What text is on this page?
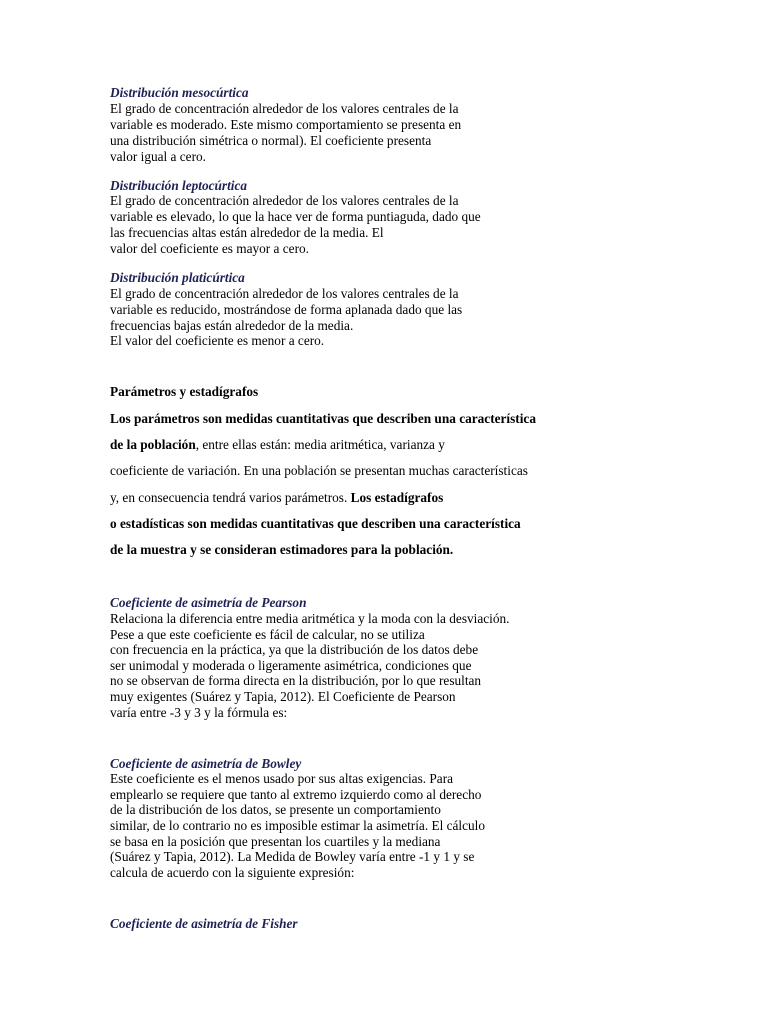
Distribución mesocúrtica
El grado de concentración alrededor de los valores centrales de la
variable es moderado. Este mismo comportamiento se presenta en
una distribución simétrica o normal). El coeficiente presenta
valor igual a cero.
Distribución leptocúrtica
El grado de concentración alrededor de los valores centrales de la
variable es elevado, lo que la hace ver de forma puntiaguda, dado que
las frecuencias altas están alrededor de la media. El
valor del coeficiente es mayor a cero.
Distribución platicúrtica
El grado de concentración alrededor de los valores centrales de la
variable es reducido, mostrándose de forma aplanada dado que las
frecuencias bajas están alrededor de la media.
El valor del coeficiente es menor a cero.
Parámetros y estadígrafos
Los parámetros son medidas cuantitativas que describen una característica
de la población, entre ellas están: media aritmética, varianza y
coeficiente de variación. En una población se presentan muchas características
y, en consecuencia tendrá varios parámetros. Los estadígrafos
o estadísticas son medidas cuantitativas que describen una característica
de la muestra y se consideran estimadores para la población.
Coeficiente de asimetría de Pearson
Relaciona la diferencia entre media aritmética y la moda con la desviación.
Pese a que este coeficiente es fácil de calcular, no se utiliza
con frecuencia en la práctica, ya que la distribución de los datos debe
ser unimodal y moderada o ligeramente asimétrica, condiciones que
no se observan de forma directa en la distribución, por lo que resultan
muy exigentes (Suárez y Tapia, 2012). El Coeficiente de Pearson
varía entre -3 y 3 y la fórmula es:
Coeficiente de asimetría de Bowley
Este coeficiente es el menos usado por sus altas exigencias. Para
emplearlo se requiere que tanto al extremo izquierdo como al derecho
de la distribución de los datos, se presente un comportamiento
similar, de lo contrario no es imposible estimar la asimetría. El cálculo
se basa en la posición que presentan los cuartiles y la mediana
(Suárez y Tapia, 2012). La Medida de Bowley varía entre -1 y 1 y se
calcula de acuerdo con la siguiente expresión:
Coeficiente de asimetría de Fisher
